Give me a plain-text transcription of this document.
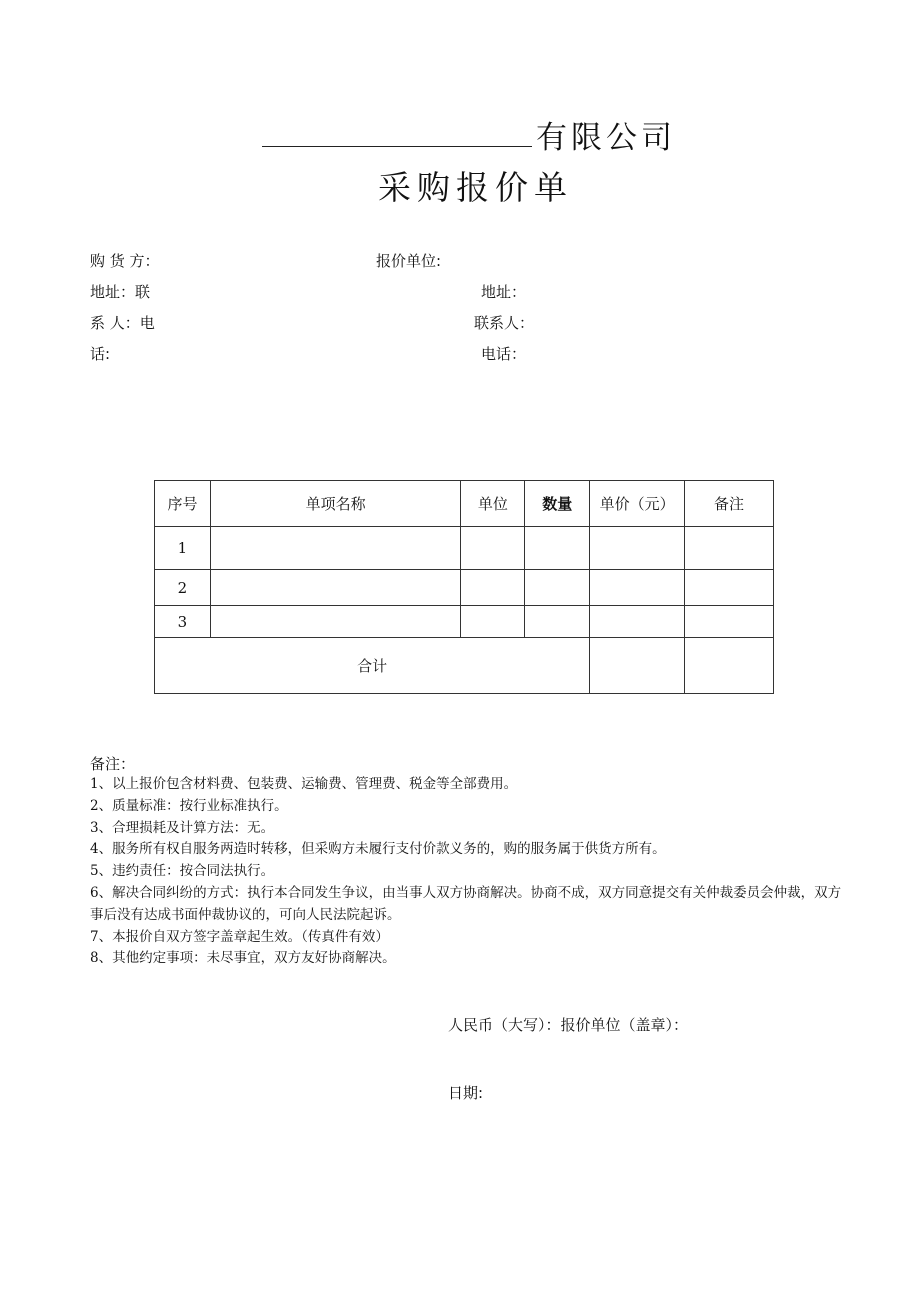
有限公司
采购报价单
购 货 方：	报价单位:
地址：联	地址：
系 人：电	联系人：
话:	电话：
序号	单项名称	单位	数量	单价（元）	备注
1					
2					
3					
合计					
备注：
1、以上报价包含材料费、包装费、运输费、管理费、税金等全部费用。
2、质量标准：按行业标准执行。
3、合理损耗及计算方法：无。
4、服务所有权自服务两造时转移，但采购方未履行支付价款义务的，购的服务属于供货方所有。
5、违约责任：按合同法执行。
6、解决合同纠纷的方式：执行本合同发生争议，由当事人双方协商解决。协商不成，双方同意提交有关仲裁委员会仲裁，双方事后没有达成书面仲裁协议的，可向人民法院起诉。
7、本报价自双方签字盖章起生效。（传真件有效）
8、其他约定事项：未尽事宜，双方友好协商解决。
人民币（大写）：报价单位（盖章）：
日期:
